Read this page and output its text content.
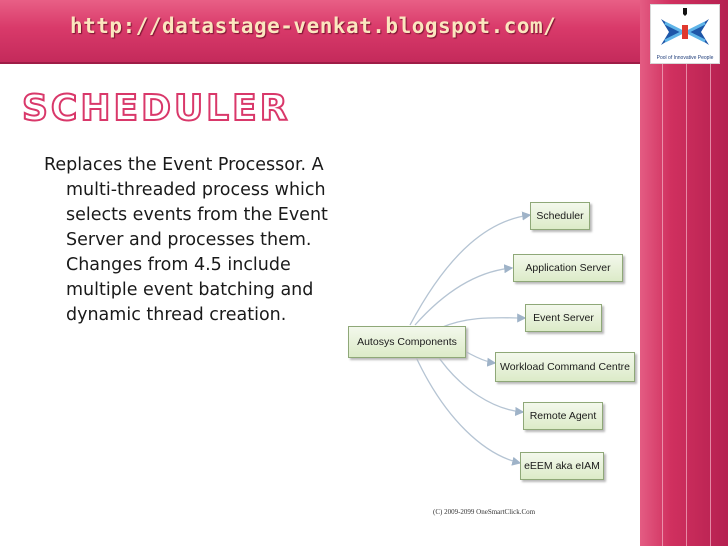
http://datastage-venkat.blogspot.com/
Pool of Innovative People
SCHEDULER
Replaces the Event Processor. A multi-threaded process which selects events from the Event Server and processes them. Changes from 4.5 include multiple event batching and dynamic thread creation.
Autosys Components
Scheduler
Application Server
Event Server
Workload Command Centre
Remote Agent
eEEM aka eIAM
(C) 2009-2099 OneSmartClick.Com
